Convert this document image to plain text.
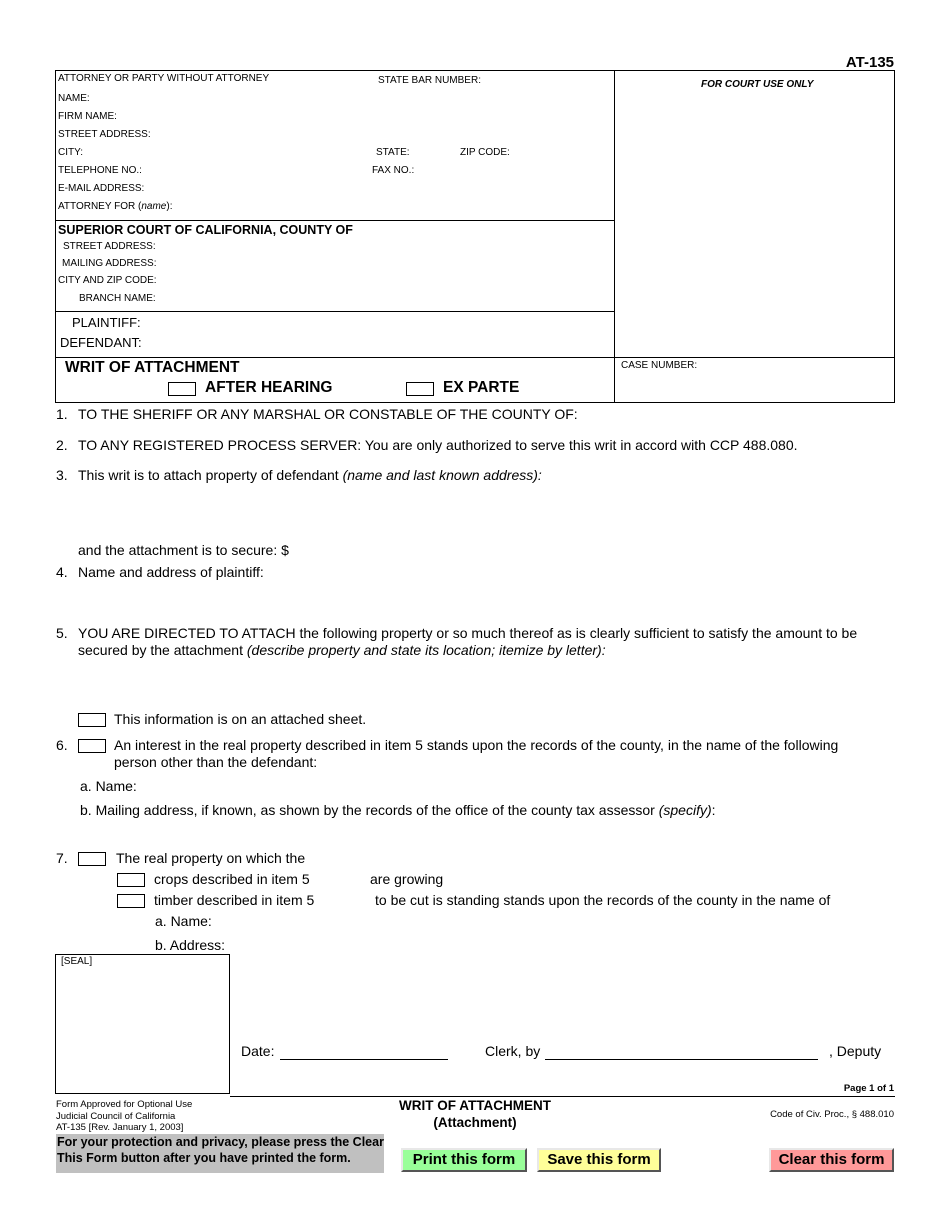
AT-135
ATTORNEY OR PARTY WITHOUT ATTORNEY	STATE BAR NUMBER:	FOR COURT USE ONLY
NAME:
FIRM NAME:
STREET ADDRESS:
CITY:	STATE:	ZIP CODE:
TELEPHONE NO.:	FAX NO.:
E-MAIL ADDRESS:
ATTORNEY FOR (name):
SUPERIOR COURT OF CALIFORNIA, COUNTY OF
STREET ADDRESS:
MAILING ADDRESS:
CITY AND ZIP CODE:
BRANCH NAME:
PLAINTIFF:
DEFENDANT:
WRIT OF ATTACHMENT
AFTER HEARING	EX PARTE
CASE NUMBER:
1. TO THE SHERIFF OR ANY MARSHAL OR CONSTABLE OF THE COUNTY OF:
2. TO ANY REGISTERED PROCESS SERVER: You are only authorized to serve this writ in accord with CCP 488.080.
3. This writ is to attach property of defendant (name and last known address):
and the attachment is to secure: $
4. Name and address of plaintiff:
5. YOU ARE DIRECTED TO ATTACH the following property or so much thereof as is clearly sufficient to satisfy the amount to be
secured by the attachment (describe property and state its location; itemize by letter):
This information is on an attached sheet.
6.	An interest in the real property described in item 5 stands upon the records of the county, in the name of the following
person other than the defendant:
a. Name:
b. Mailing address, if known, as shown by the records of the office of the county tax assessor (specify):
7.	The real property on which the
crops described in item 5	are growing
timber described in item 5	to be cut is standing stands upon the records of the county in the name of
a. Name:
b. Address:
[SEAL]
Date:	Clerk, by	, Deputy
Page 1 of 1
Form Approved for Optional Use
Judicial Council of California
AT-135 [Rev. January 1, 2003]
WRIT OF ATTACHMENT
(Attachment)
Code of Civ. Proc., § 488.010
For your protection and privacy, please press the Clear
This Form button after you have printed the form.	Print this form	Save this form	Clear this form
